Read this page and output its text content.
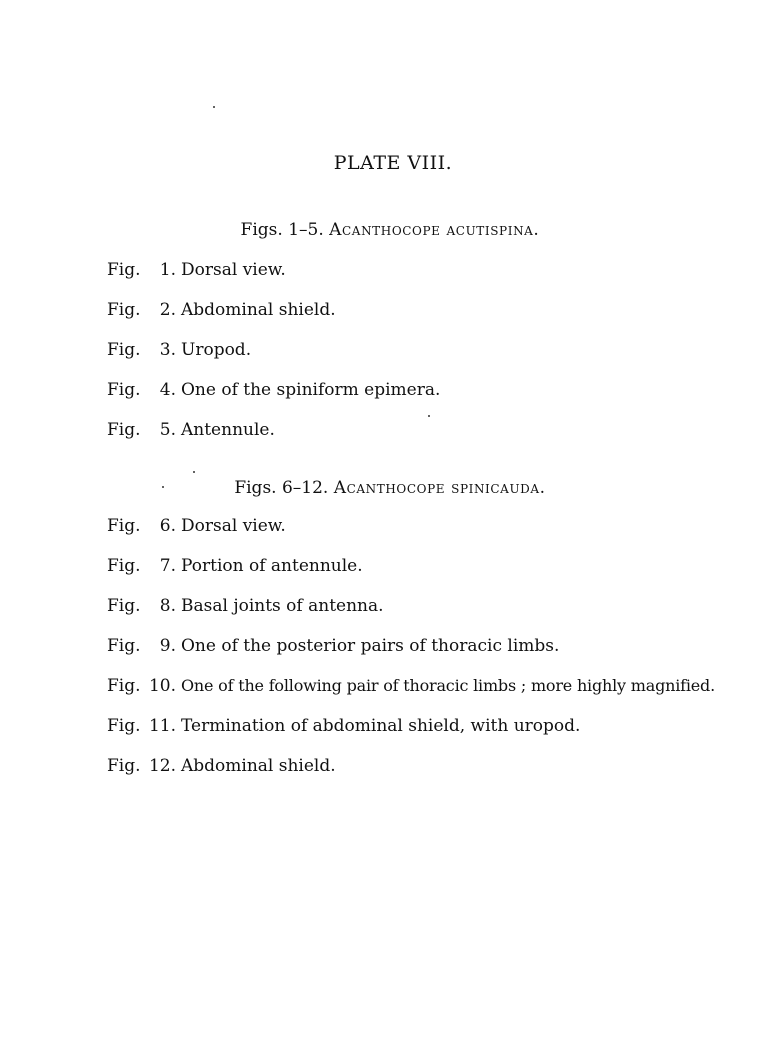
PLATE VIII.
Figs. 1–5. Acanthocope acutispina.
Fig.	1. Dorsal view.
Fig.	2. Abdominal shield.
Fig.	3. Uropod.
Fig.	4. One of the spiniform epimera.
Fig.	5. Antennule.
Figs. 6–12. Acanthocope spinicauda.
Fig.	6. Dorsal view.
Fig.	7. Portion of antennule.
Fig.	8. Basal joints of antenna.
Fig.	9. One of the posterior pairs of thoracic limbs.
Fig. 10. One of the following pair of thoracic limbs ; more highly magnified.
Fig. 11. Termination of abdominal shield, with uropod.
Fig. 12. Abdominal shield.
